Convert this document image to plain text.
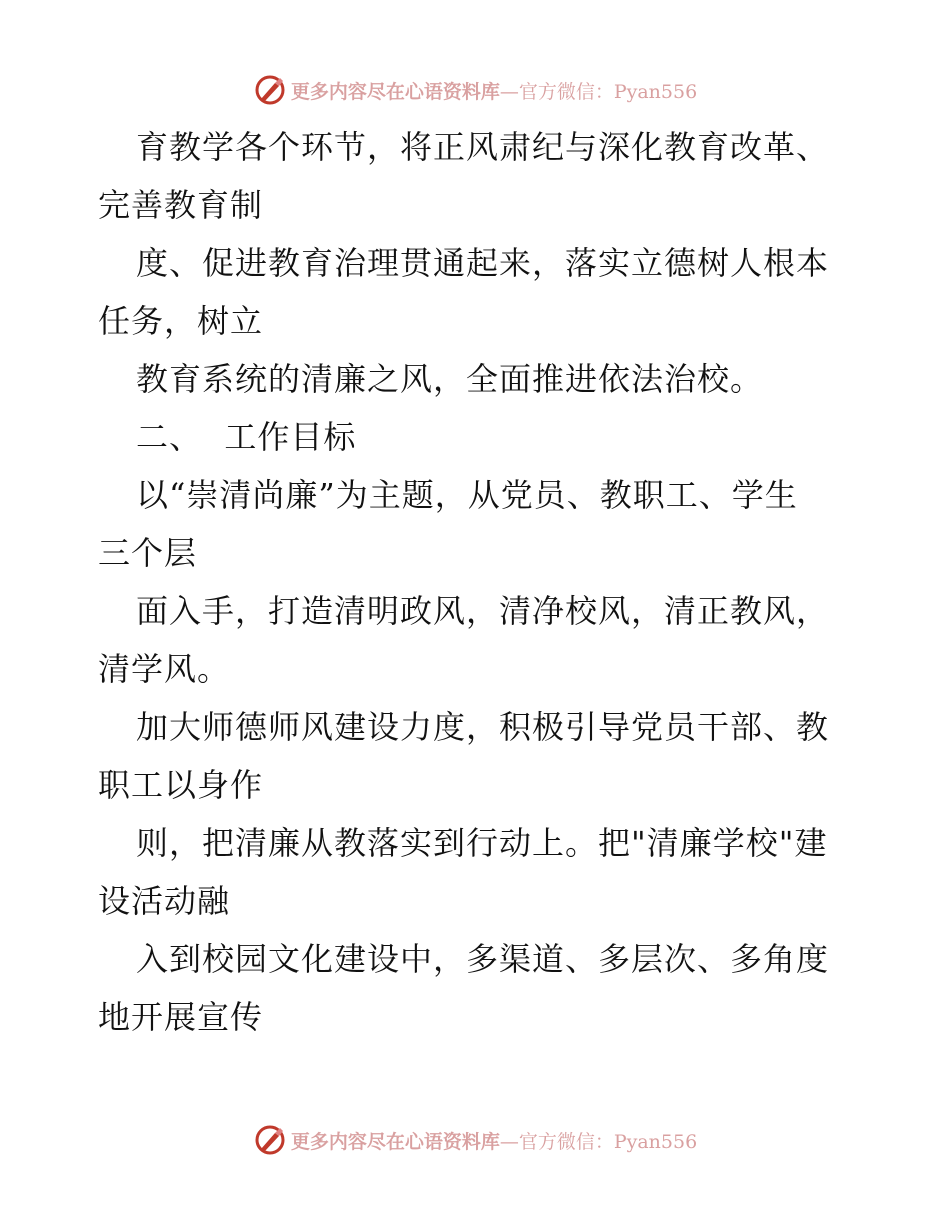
更多内容尽在心语资料库—官方微信：Pyan556
育教学各个环节，将正风肃纪与深化教育改革、
完善教育制
度、促进教育治理贯通起来，落实立德树人根本
任务，树立
教育系统的清廉之风，全面推进依法治校。
二、  工作目标
以“崇清尚廉”为主题，从党员、教职工、学生
三个层
面入手，打造清明政风，清净校风，清正教风，
清学风。
加大师德师风建设力度，积极引导党员干部、教
职工以身作
则，把清廉从教落实到行动上。把"清廉学校"建
设活动融
入到校园文化建设中，多渠道、多层次、多角度
地开展宣传
更多内容尽在心语资料库—官方微信：Pyan556
